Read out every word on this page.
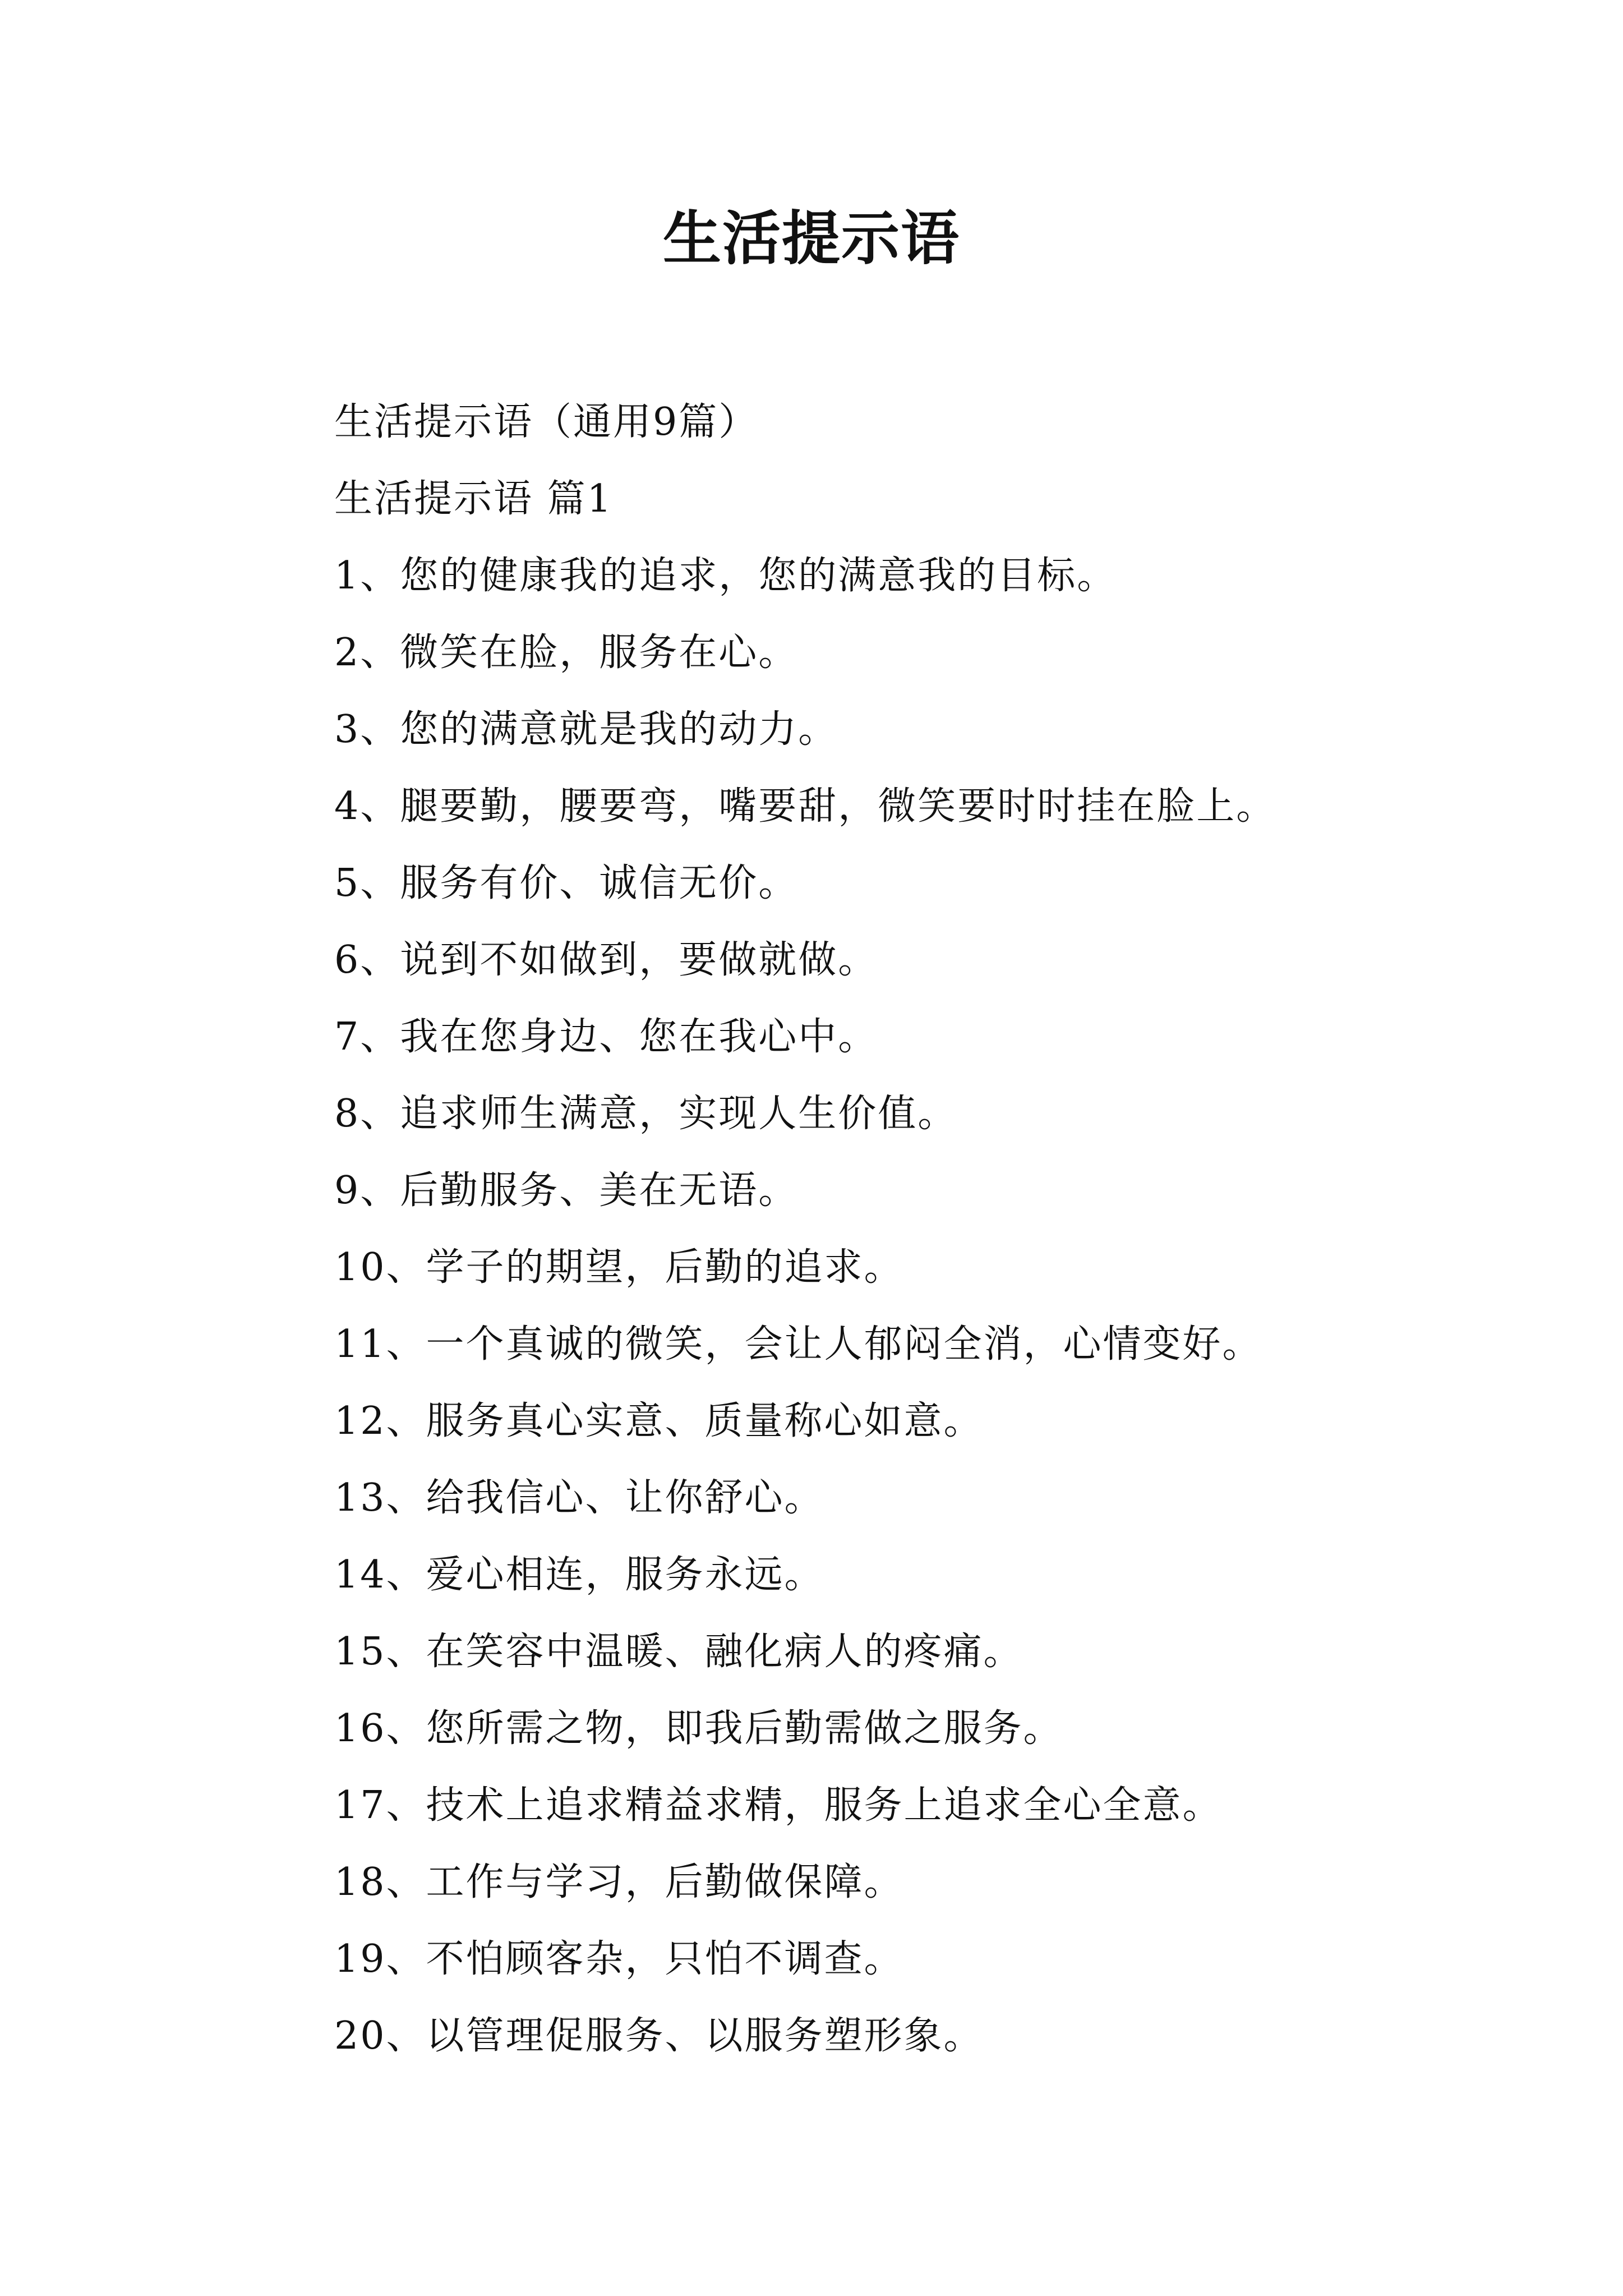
生活提示语

生活提示语（通用9篇）

生活提示语 篇1

1、您的健康我的追求，您的满意我的目标。

2、微笑在脸，服务在心。

3、您的满意就是我的动力。

4、腿要勤，腰要弯，嘴要甜，微笑要时时挂在脸上。

5、服务有价、诚信无价。

6、说到不如做到，要做就做。

7、我在您身边、您在我心中。

8、追求师生满意，实现人生价值。

9、后勤服务、美在无语。

10、学子的期望，后勤的追求。

11、一个真诚的微笑，会让人郁闷全消，心情变好。

12、服务真心实意、质量称心如意。

13、给我信心、让你舒心。

14、爱心相连，服务永远。

15、在笑容中温暖、融化病人的疼痛。

16、您所需之物，即我后勤需做之服务。

17、技术上追求精益求精，服务上追求全心全意。

18、工作与学习，后勤做保障。

19、不怕顾客杂，只怕不调查。

20、以管理促服务、以服务塑形象。
